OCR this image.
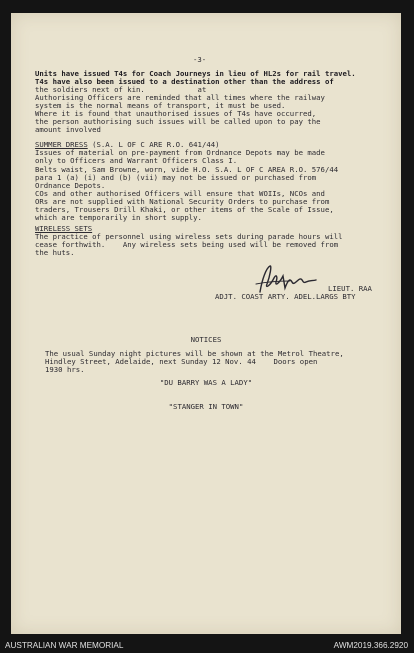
-3-
Units have issued T4s for Coach Journeys in lieu of HL2s for rail travel.
T4s have also been issued to a destination other than the address of
the soldiers next of kin.            at
Authorising Officers are reminded that all times where the railway
system is the normal means of transport, it must be used.
Where it is found that unauthorised issues of T4s have occurred,
the person authorising such issues will be called upon to pay the
amount involved
SUMMER DRESS (S.A. L OF C ARE R.O. 641/44)
Issues of material on pre-payment from Ordnance Depots may be made
only to Officers and Warrant Officers Class I.
Belts waist, Sam Browne, worn, vide H.O. S.A. L OF C AREA R.O. 576/44
para 1 (a) (i) and (b) (vii) may not be issued or purchased from
Ordnance Depots.
COs and other authorised Officers will ensure that WOIIs, NCOs and
ORs are not supplied with National Security Orders to purchase from
traders, Trousers Drill Khaki, or other items of the Scale of Issue,
which are temporarily in short supply.
WIRELESS SETS
The practice of personnel using wireless sets during parade hours will
cease forthwith.    Any wireless sets being used will be removed from
the huts.
LIEUT. RAA
ADJT. COAST ARTY. ADEL.LARGS BTY
NOTICES
The usual Sunday night pictures will be shown at the Metrol Theatre,
Hindley Street, Adelaide, next Sunday 12 Nov. 44    Doors open
1930 hrs.
"DU BARRY WAS A LADY"
"STANGER IN TOWN"
AUSTRALIAN WAR MEMORIAL	AWM2019.366.2920
